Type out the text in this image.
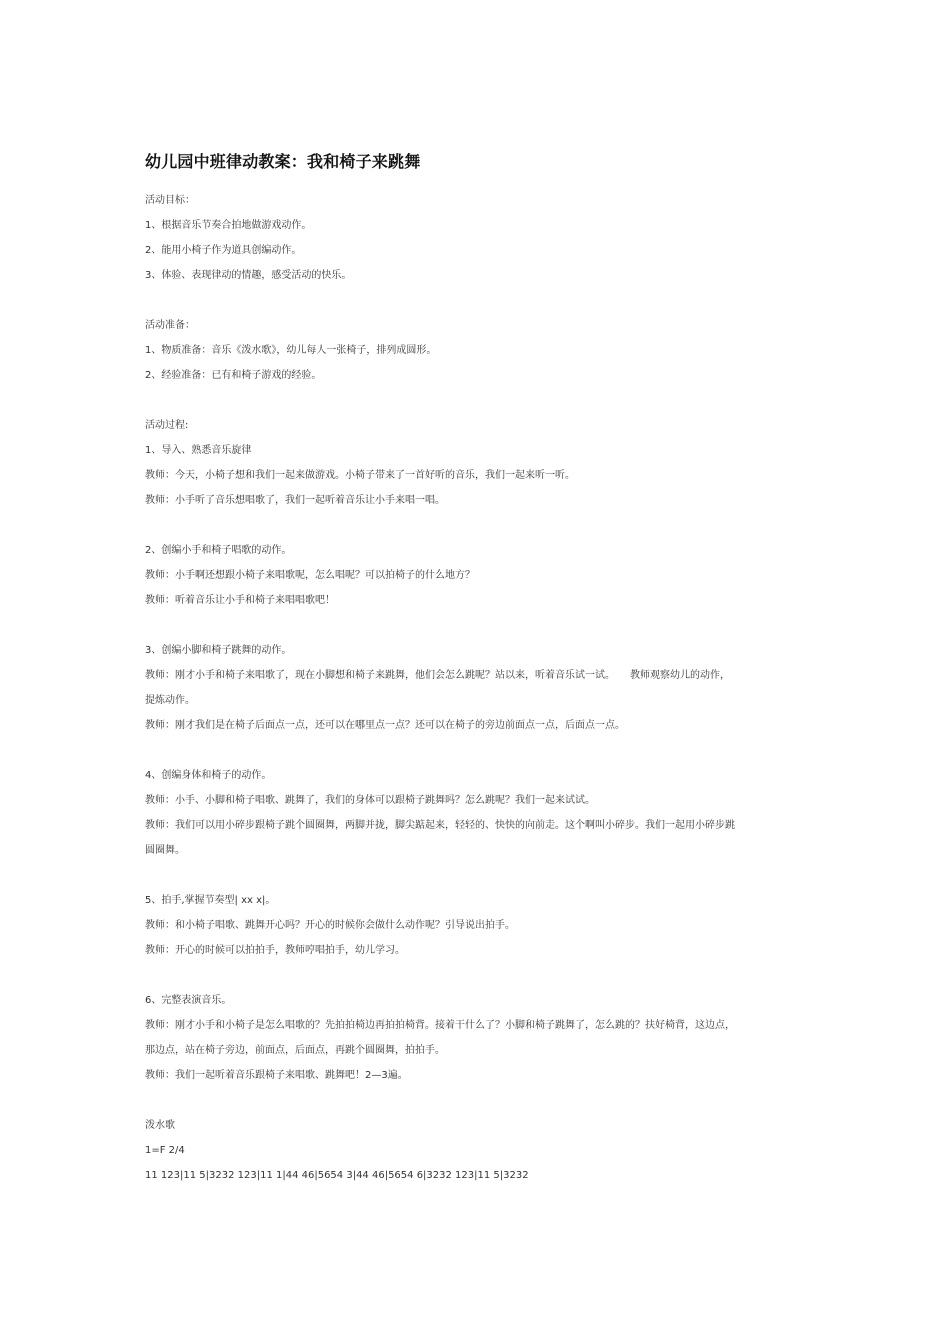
幼儿园中班律动教案：我和椅子来跳舞
活动目标：
1、根据音乐节奏合拍地做游戏动作。
2、能用小椅子作为道具创编动作。
3、体验、表现律动的情趣，感受活动的快乐。
活动准备：
1、物质准备：音乐《泼水歌》，幼儿每人一张椅子，排列成圆形。
2、经验准备：已有和椅子游戏的经验。
活动过程:
1、导入、熟悉音乐旋律
教师：今天，小椅子想和我们一起来做游戏。小椅子带来了一首好听的音乐，我们一起来听一听。
教师：小手听了音乐想唱歌了，我们一起听着音乐让小手来唱一唱。
2、创编小手和椅子唱歌的动作。
教师：小手啊还想跟小椅子来唱歌呢，怎么唱呢？可以拍椅子的什么地方？
教师：听着音乐让小手和椅子来唱唱歌吧！
3、创编小脚和椅子跳舞的动作。
教师：刚才小手和椅子来唱歌了，现在小脚想和椅子来跳舞，他们会怎么跳呢？站以来，听着音乐试一试。　　教师观察幼儿的动作，
提炼动作。
教师：刚才我们是在椅子后面点一点，还可以在哪里点一点？还可以在椅子的旁边前面点一点，后面点一点。
4、创编身体和椅子的动作。
教师：小手、小脚和椅子唱歌、跳舞了，我们的身体可以跟椅子跳舞吗？怎么跳呢？我们一起来试试。
教师：我们可以用小碎步跟椅子跳个圆圈舞，两脚并拢，脚尖踮起来，轻轻的、快快的向前走。这个啊叫小碎步。我们一起用小碎步跳
圆圈舞。
5、拍手,掌握节奏型| xx x|。
教师：和小椅子唱歌、跳舞开心吗？开心的时候你会做什么动作呢？引导说出拍手。
教师：开心的时候可以拍拍手，教师哼唱拍手，幼儿学习。
6、完整表演音乐。
教师：刚才小手和小椅子是怎么唱歌的？先拍拍椅边再拍拍椅背。接着干什么了？小脚和椅子跳舞了，怎么跳的？扶好椅背，这边点，
那边点，站在椅子旁边，前面点，后面点，再跳个圆圈舞，拍拍手。
教师：我们一起听着音乐跟椅子来唱歌、跳舞吧！2—3遍。
泼水歌
1=F 2/4
11 123|11 5|3232 123|11 1|44 46|5654 3|44 46|5654 6|3232 123|11 5|3232
